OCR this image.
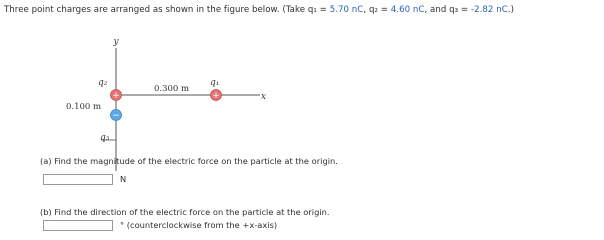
Three point charges are arranged as shown in the figure below. (Take q₁ = 5.70 nC, q₂ = 4.60 nC, and q₃ = -2.82 nC.)
+	+
−
y
x
q₂	q₁
q₃
0.300 m
0.100 m
(a) Find the magnitude of the electric force on the particle at the origin.
N
(b) Find the direction of the electric force on the particle at the origin.
° (counterclockwise from the +x-axis)
